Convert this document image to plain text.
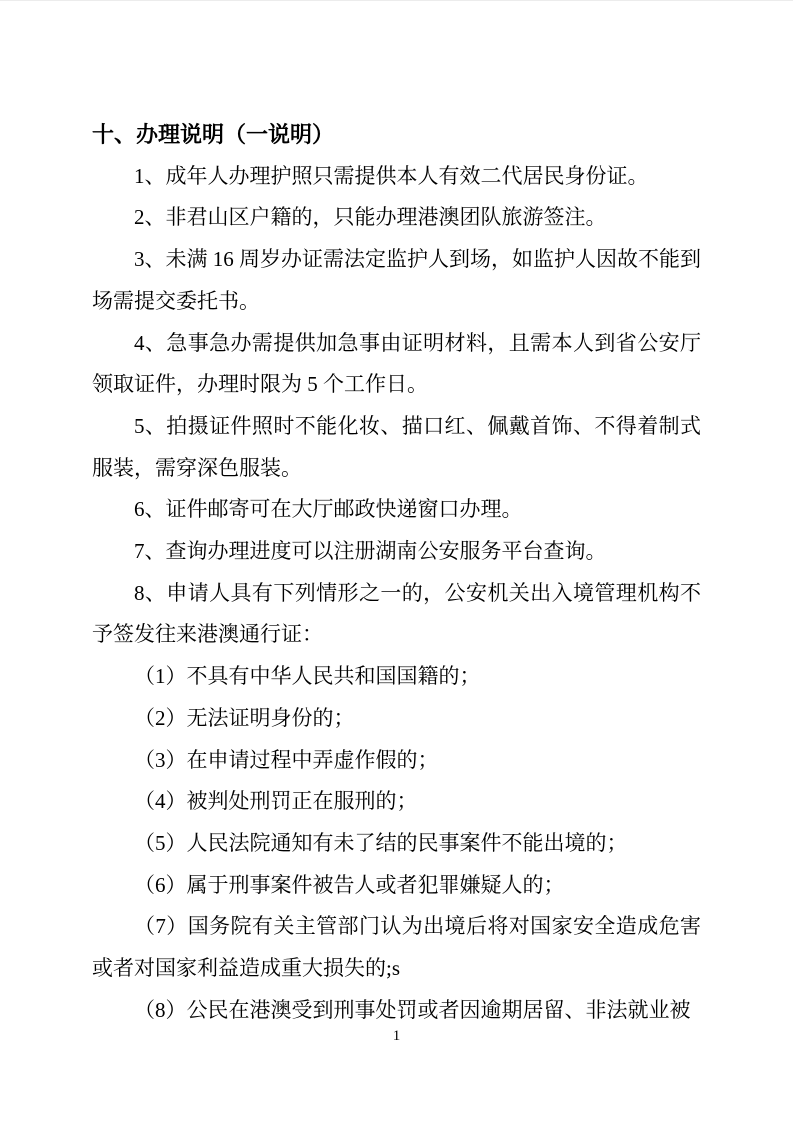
十、办理说明（一说明）

1、成年人办理护照只需提供本人有效二代居民身份证。

2、非君山区户籍的，只能办理港澳团队旅游签注。

3、未满 16 周岁办证需法定监护人到场，如监护人因故不能到场需提交委托书。

4、急事急办需提供加急事由证明材料，且需本人到省公安厅领取证件，办理时限为 5 个工作日。

5、拍摄证件照时不能化妆、描口红、佩戴首饰、不得着制式服装，需穿深色服装。

6、证件邮寄可在大厅邮政快递窗口办理。

7、查询办理进度可以注册湖南公安服务平台查询。

8、申请人具有下列情形之一的，公安机关出入境管理机构不予签发往来港澳通行证：

（1）不具有中华人民共和国国籍的；

（2）无法证明身份的；

（3）在申请过程中弄虚作假的；

（4）被判处刑罚正在服刑的；

（5）人民法院通知有未了结的民事案件不能出境的；

（6）属于刑事案件被告人或者犯罪嫌疑人的；

（7）国务院有关主管部门认为出境后将对国家安全造成危害或者对国家利益造成重大损失的;s

（8）公民在港澳受到刑事处罚或者因逾期居留、非法就业被

1
